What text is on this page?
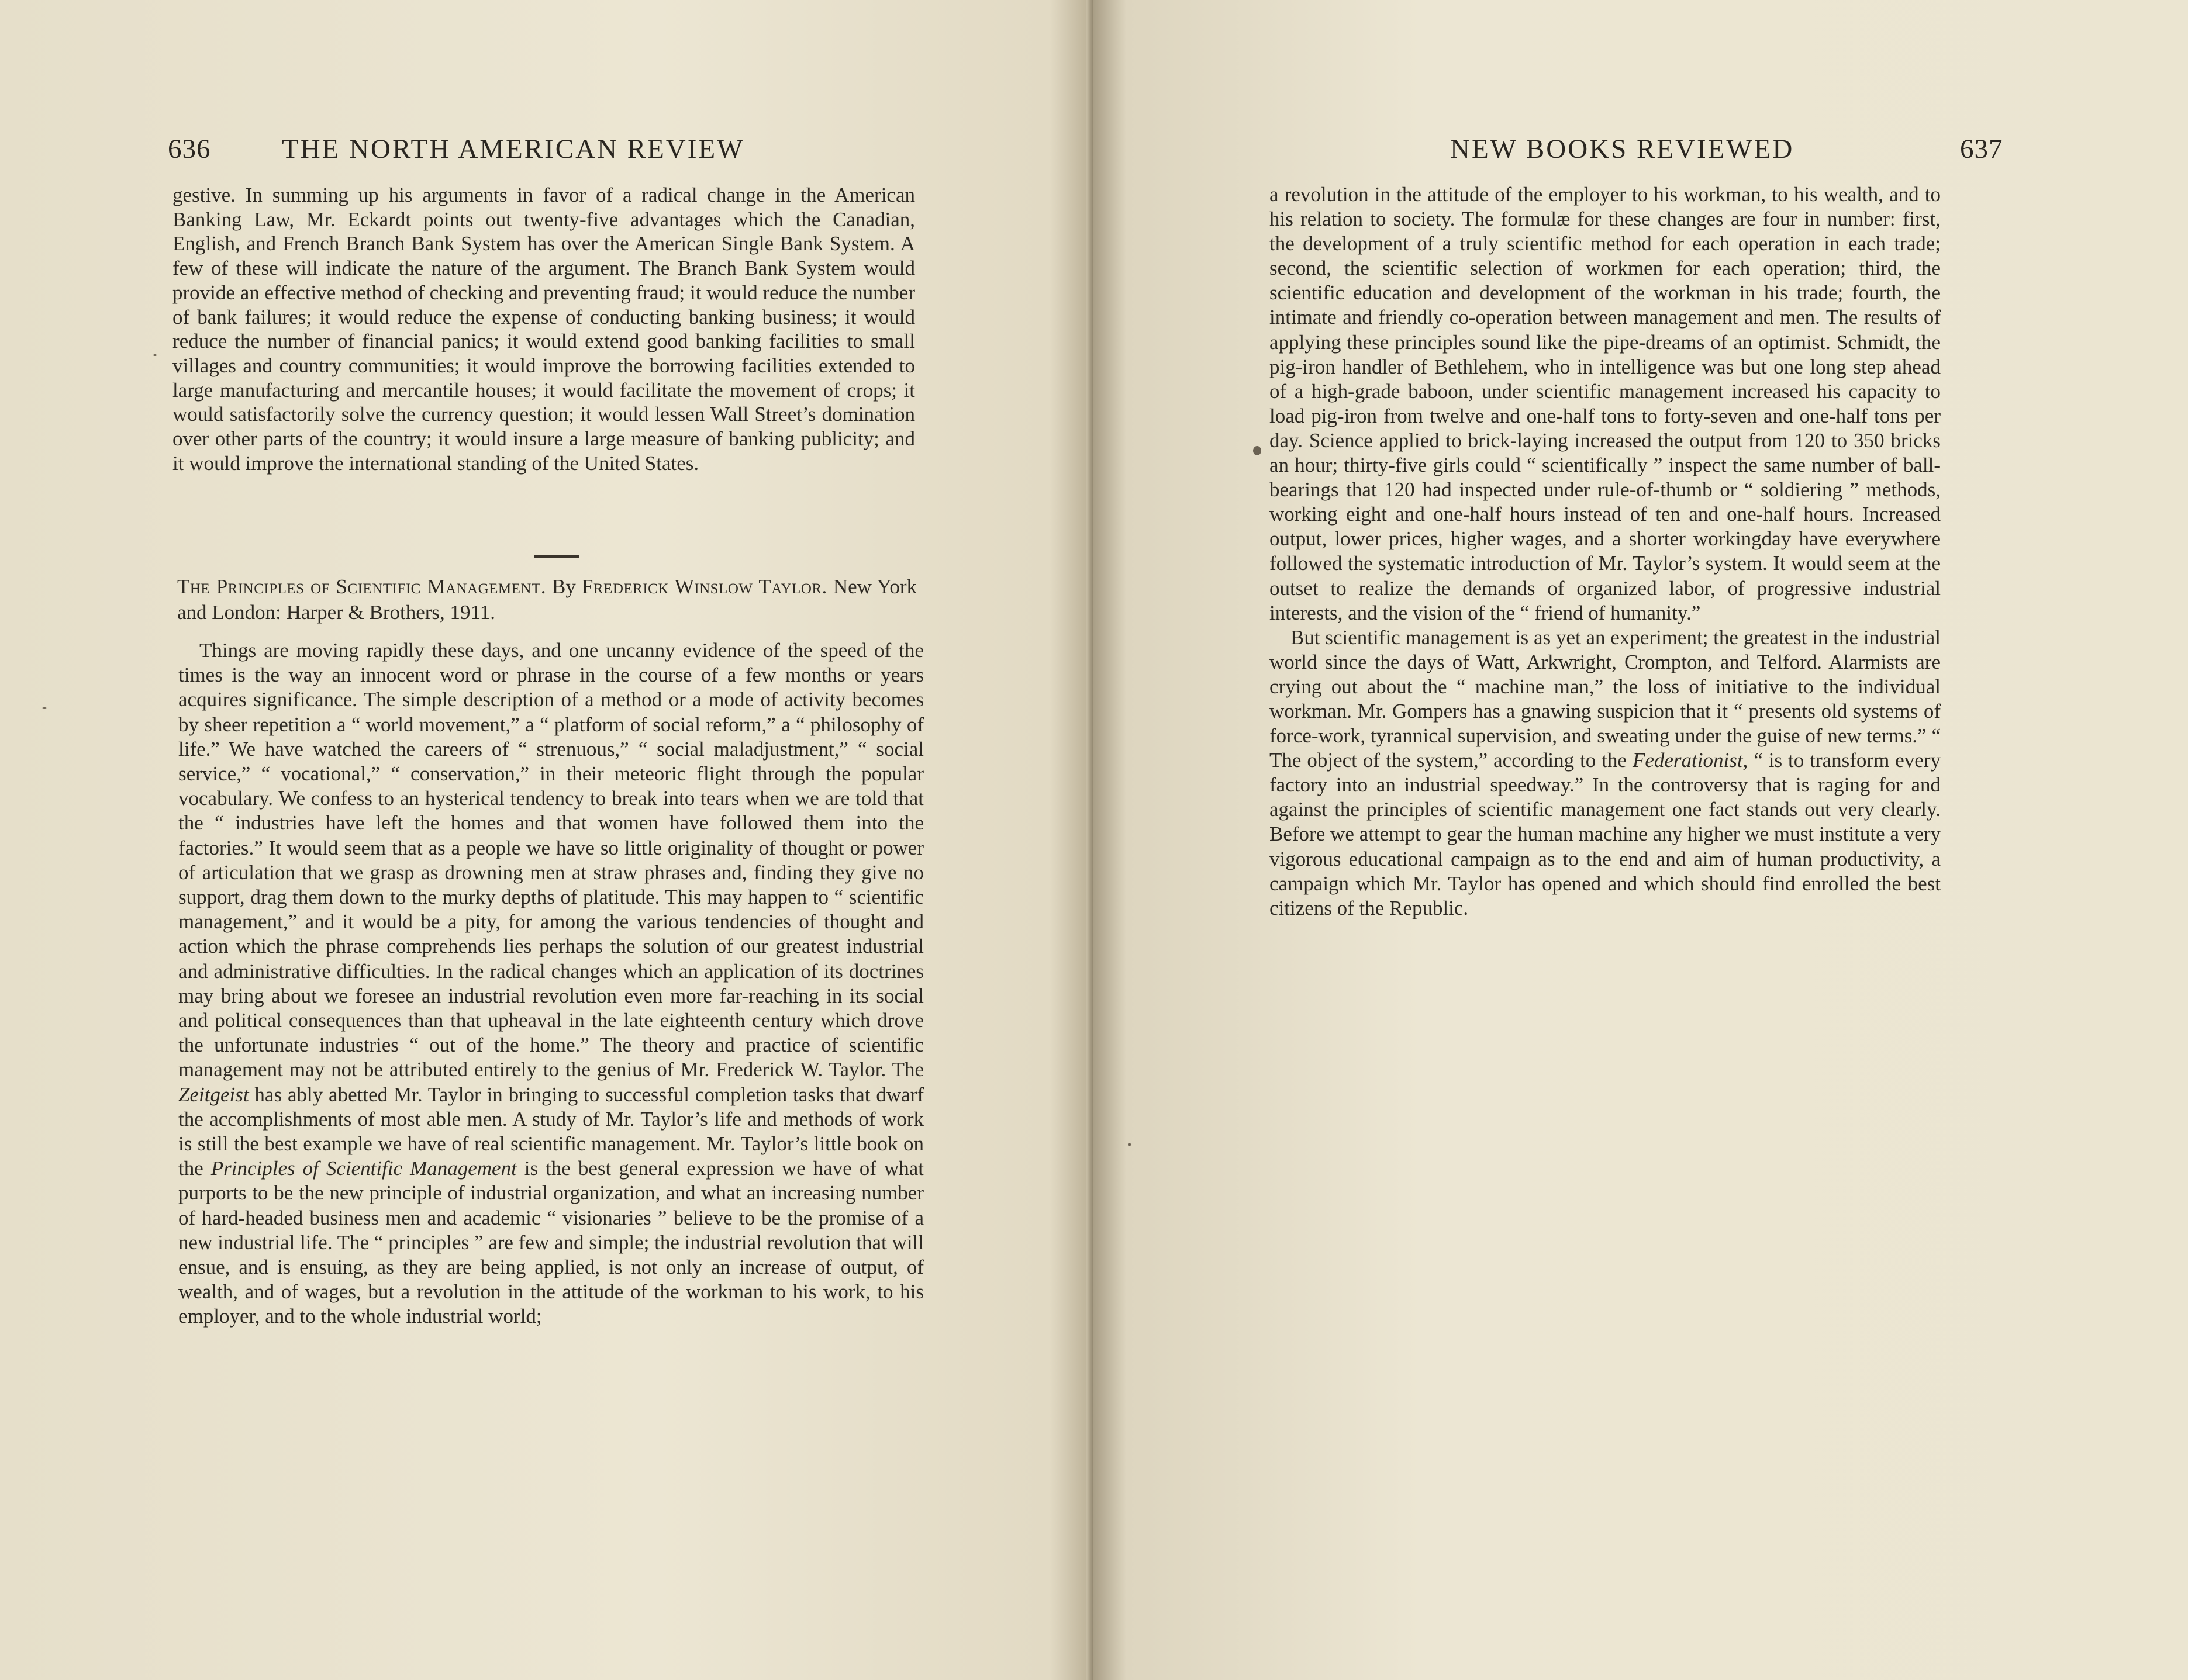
636	THE NORTH AMERICAN REVIEW

gestive. In summing up his arguments in favor of a radical change in the American Banking Law, Mr. Eckardt points out twenty-five advantages which the Canadian, English, and French Branch Bank System has over the American Single Bank System. A few of these will indicate the nature of the argument. The Branch Bank System would provide an effective method of checking and preventing fraud; it would reduce the number of bank failures; it would reduce the expense of conducting banking business; it would reduce the number of financial panics; it would extend good banking facilities to small villages and country communities; it would improve the borrowing facilities extended to large manufacturing and mercantile houses; it would facilitate the movement of crops; it would satisfactorily solve the currency question; it would lessen Wall Street’s domination over other parts of the country; it would insure a large measure of banking publicity; and it would improve the international standing of the United States.

The Principles of Scientific Management. By Frederick Winslow Taylor. New York and London: Harper & Brothers, 1911.

Things are moving rapidly these days, and one uncanny evidence of the speed of the times is the way an innocent word or phrase in the course of a few months or years acquires significance. The simple description of a method or a mode of activity becomes by sheer repetition a “ world movement,” a “ platform of social reform,” a “ philosophy of life.” We have watched the careers of “ strenuous,” “ social maladjustment,” “ social service,” “ vocational,” “ conservation,” in their meteoric flight through the popular vocabulary. We confess to an hysterical tendency to break into tears when we are told that the “ industries have left the homes and that women have followed them into the factories.” It would seem that as a people we have so little originality of thought or power of articulation that we grasp as drowning men at straw phrases and, finding they give no support, drag them down to the murky depths of platitude. This may happen to “ scientific management,” and it would be a pity, for among the various tendencies of thought and action which the phrase comprehends lies perhaps the solution of our greatest industrial and administrative difficulties. In the radical changes which an application of its doctrines may bring about we foresee an industrial revolution even more far-reaching in its social and political consequences than that upheaval in the late eighteenth century which drove the unfortunate industries “ out of the home.” The theory and practice of scientific management may not be attributed entirely to the genius of Mr. Frederick W. Taylor. The Zeitgeist has ably abetted Mr. Taylor in bringing to successful completion tasks that dwarf the accomplishments of most able men. A study of Mr. Taylor’s life and methods of work is still the best example we have of real scientific management. Mr. Taylor’s little book on the Principles of Scientific Management is the best general expression we have of what purports to be the new principle of industrial organization, and what an increasing number of hard-headed business men and academic “ visionaries ” believe to be the promise of a new industrial life. The “ principles ” are few and simple; the industrial revolution that will ensue, and is ensuing, as they are being applied, is not only an increase of output, of wealth, and of wages, but a revolution in the attitude of the workman to his work, to his employer, and to the whole industrial world;

NEW BOOKS REVIEWED	637

a revolution in the attitude of the employer to his workman, to his wealth, and to his relation to society. The formulæ for these changes are four in number: first, the development of a truly scientific method for each operation in each trade; second, the scientific selection of workmen for each operation; third, the scientific education and development of the workman in his trade; fourth, the intimate and friendly co-operation between management and men. The results of applying these principles sound like the pipe-dreams of an optimist. Schmidt, the pig-iron handler of Bethlehem, who in intelligence was but one long step ahead of a high-grade baboon, under scientific management increased his capacity to load pig-iron from twelve and one-half tons to forty-seven and one-half tons per day. Science applied to brick-laying increased the output from 120 to 350 bricks an hour; thirty-five girls could “ scientifically ” inspect the same number of ball-bearings that 120 had inspected under rule-of-thumb or “ soldiering ” methods, working eight and one-half hours instead of ten and one-half hours. Increased output, lower prices, higher wages, and a shorter workingday have everywhere followed the systematic introduction of Mr. Taylor’s system. It would seem at the outset to realize the demands of organized labor, of progressive industrial interests, and the vision of the “ friend of humanity.”

But scientific management is as yet an experiment; the greatest in the industrial world since the days of Watt, Arkwright, Crompton, and Telford. Alarmists are crying out about the “ machine man,” the loss of initiative to the individual workman. Mr. Gompers has a gnawing suspicion that it “ presents old systems of force-work, tyrannical supervision, and sweating under the guise of new terms.” “ The object of the system,” according to the Federationist, “ is to transform every factory into an industrial speedway.” In the controversy that is raging for and against the principles of scientific management one fact stands out very clearly. Before we attempt to gear the human machine any higher we must institute a very vigorous educational campaign as to the end and aim of human productivity, a campaign which Mr. Taylor has opened and which should find enrolled the best citizens of the Republic.
